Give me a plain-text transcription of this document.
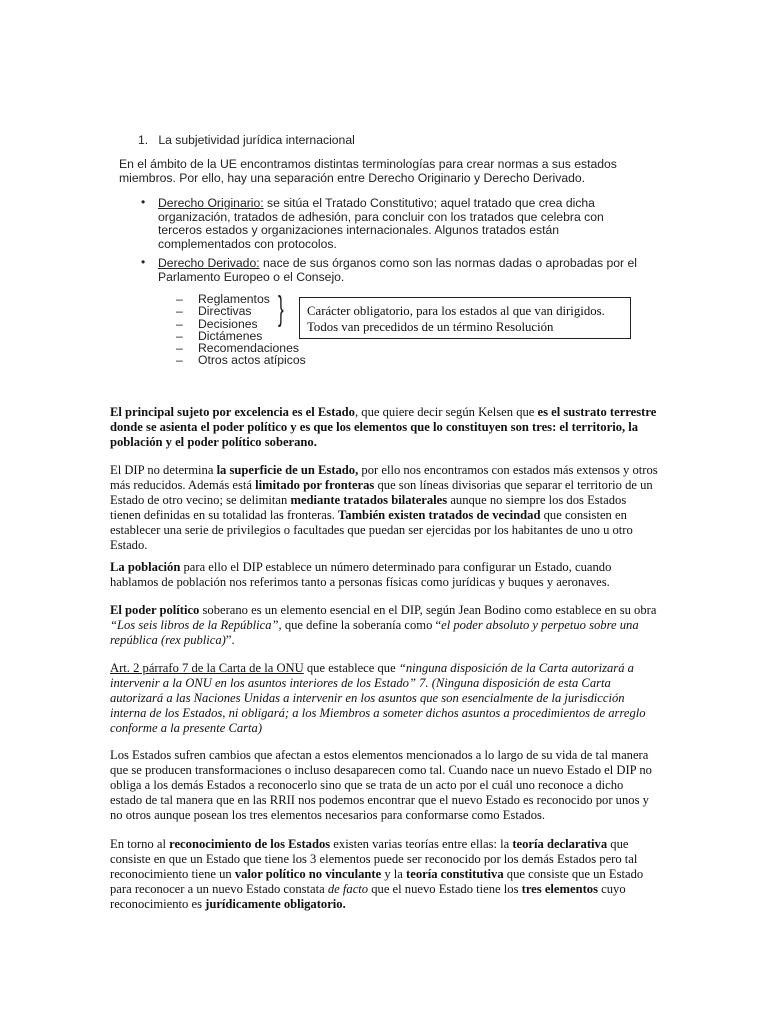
1. La subjetividad jurídica internacional
En el ámbito de la UE encontramos distintas terminologías para crear normas a sus estados miembros. Por ello, hay una separación entre Derecho Originario y Derecho Derivado.
• Derecho Originario: se sitúa el Tratado Constitutivo; aquel tratado que crea dicha organización, tratados de adhesión, para concluir con los tratados que celebra con terceros estados y organizaciones internacionales. Algunos tratados están complementados con protocolos.
• Derecho Derivado: nace de sus órganos como son las normas dadas o aprobadas por el Parlamento Europeo o el Consejo.
–	Reglamentos
–	Directivas
–	Decisiones
–	Dictámenes
–	Recomendaciones
–	Otros actos atípicos
} Carácter obligatorio, para los estados al que van dirigidos.
Todos van precedidos de un término Resolución
El principal sujeto por excelencia es el Estado, que quiere decir según Kelsen que es el sustrato terrestre donde se asienta el poder político y es que los elementos que lo constituyen son tres: el territorio, la población y el poder político soberano.
El DIP no determina la superficie de un Estado, por ello nos encontramos con estados más extensos y otros más reducidos. Además está limitado por fronteras que son líneas divisorias que separar el territorio de un Estado de otro vecino; se delimitan mediante tratados bilaterales aunque no siempre los dos Estados tienen definidas en su totalidad las fronteras. También existen tratados de vecindad que consisten en establecer una serie de privilegios o facultades que puedan ser ejercidas por los habitantes de uno u otro Estado.
La población para ello el DIP establece un número determinado para configurar un Estado, cuando hablamos de población nos referimos tanto a personas físicas como jurídicas y buques y aeronaves.
El poder político soberano es un elemento esencial en el DIP, según Jean Bodino como establece en su obra “Los seis libros de la República”, que define la soberanía como “el poder absoluto y perpetuo sobre una república (rex publica)”.
Art. 2 párrafo 7 de la Carta de la ONU que establece que “ninguna disposición de la Carta autorizará a intervenir a la ONU en los asuntos interiores de los Estado” 7. (Ninguna disposición de esta Carta autorizará a las Naciones Unidas a intervenir en los asuntos que son esencialmente de la jurisdicción interna de los Estados, ni obligará; a los Miembros a someter dichos asuntos a procedimientos de arreglo conforme a la presente Carta)
Los Estados sufren cambios que afectan a estos elementos mencionados a lo largo de su vida de tal manera que se producen transformaciones o incluso desaparecen como tal. Cuando nace un nuevo Estado el DIP no obliga a los demás Estados a reconocerlo sino que se trata de un acto por el cuál uno reconoce a dicho estado de tal manera que en las RRII nos podemos encontrar que el nuevo Estado es reconocido por unos y no otros aunque posean los tres elementos necesarios para conformarse como Estados.
En torno al reconocimiento de los Estados existen varias teorías entre ellas: la teoría declarativa que consiste en que un Estado que tiene los 3 elementos puede ser reconocido por los demás Estados pero tal reconocimiento tiene un valor político no vinculante y la teoría constitutiva que consiste que un Estado para reconocer a un nuevo Estado constata de facto que el nuevo Estado tiene los tres elementos cuyo reconocimiento es jurídicamente obligatorio.
